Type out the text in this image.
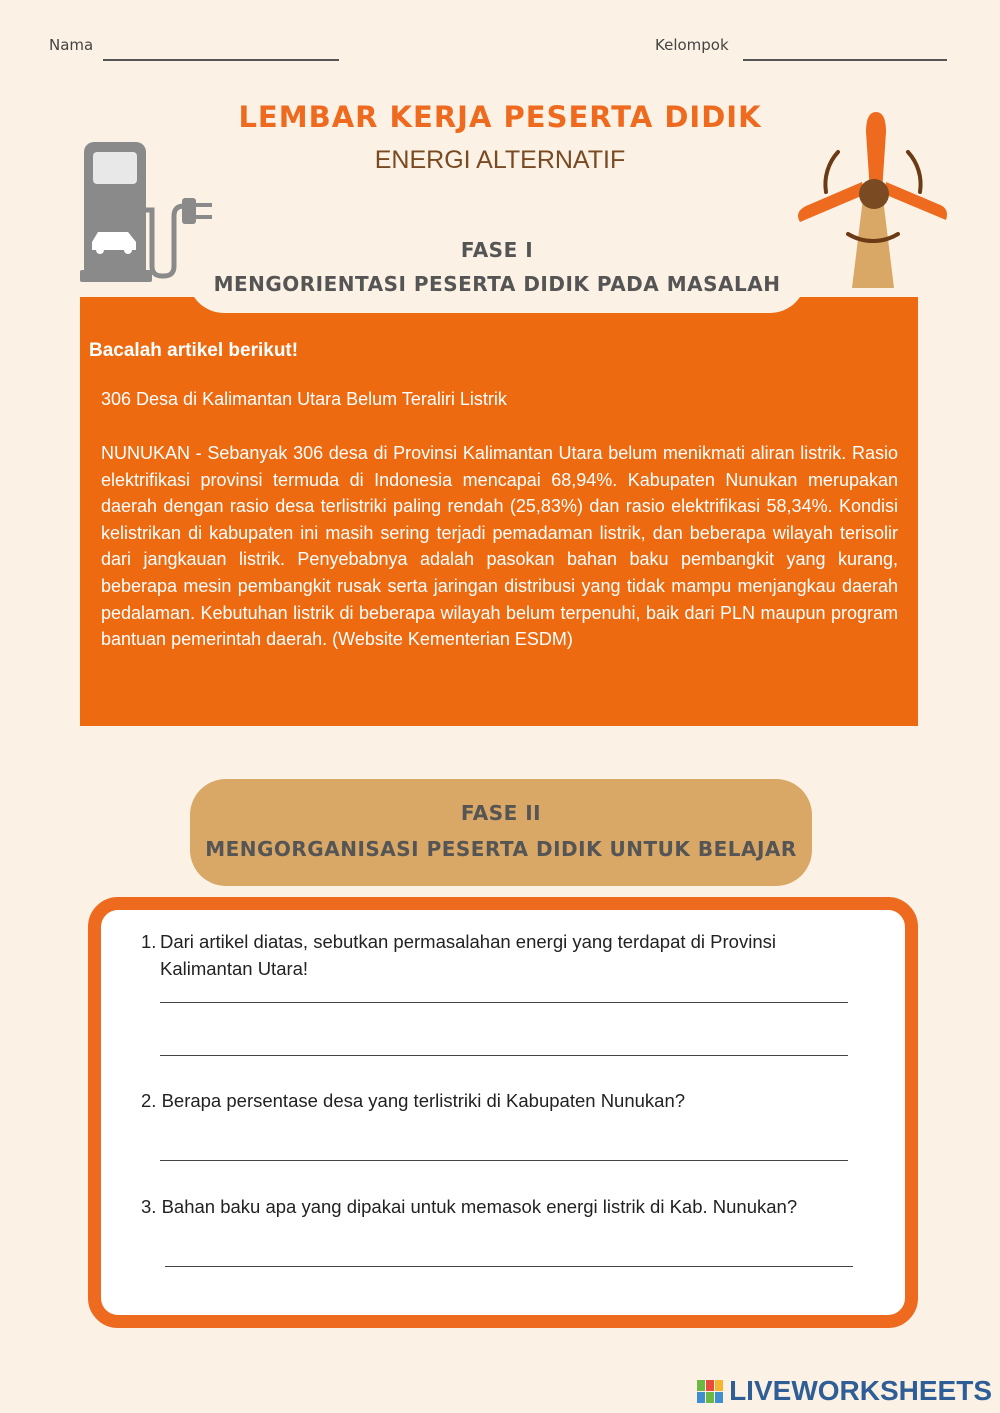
Nama	Kelompok
LEMBAR KERJA PESERTA DIDIK
ENERGI ALTERNATIF
FASE I
MENGORIENTASI PESERTA DIDIK PADA MASALAH
Bacalah artikel berikut!
306 Desa di Kalimantan Utara Belum Teraliri Listrik
NUNUKAN - Sebanyak 306 desa di Provinsi Kalimantan Utara belum menikmati aliran listrik. Rasio elektrifikasi provinsi termuda di Indonesia mencapai 68,94%. Kabupaten Nunukan merupakan daerah dengan rasio desa terlistriki paling rendah (25,83%) dan rasio elektrifikasi 58,34%. Kondisi kelistrikan di kabupaten ini masih sering terjadi pemadaman listrik, dan beberapa wilayah terisolir dari jangkauan listrik. Penyebabnya adalah pasokan bahan baku pembangkit yang kurang, beberapa mesin pembangkit rusak serta jaringan distribusi yang tidak mampu menjangkau daerah pedalaman. Kebutuhan listrik di beberapa wilayah belum terpenuhi, baik dari PLN maupun program bantuan pemerintah daerah. (Website Kementerian ESDM)
FASE II
MENGORGANISASI PESERTA DIDIK UNTUK BELAJAR
1. Dari artikel diatas, sebutkan permasalahan energi yang terdapat di Provinsi
Kalimantan Utara!
2. Berapa persentase desa yang terlistriki di Kabupaten Nunukan?
3. Bahan baku apa yang dipakai untuk memasok energi listrik di Kab. Nunukan?
LIVEWORKSHEETS
